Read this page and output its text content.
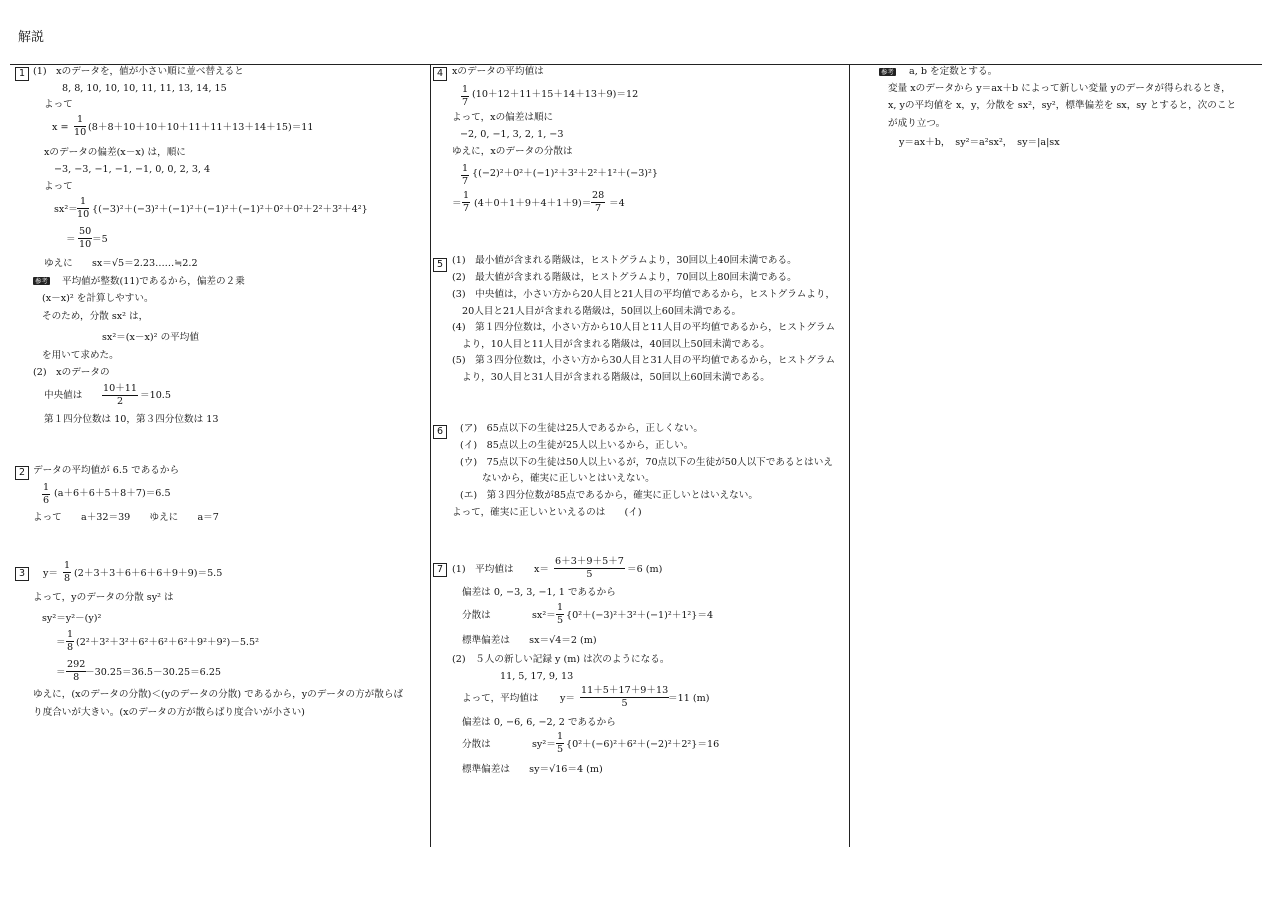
解説
1 (1)　xのデータを，値が小さい順に並べ替えると
8, 8, 10, 10, 10, 11, 11, 13, 14, 15
よって
$x = \frac{1}{10} (8+8+10+10+10+11+11+13+14+15)=11$
xのデータの偏差(x－x) は，順に
−3, −3, −1, −1, −1, 0, 0, 2, 3, 4
よって
$sx^2= \frac{1}{10} \{(-3)^2+(-3)^2+(-1)^2+(-1)^2+(-1)^2+0^2+0^2+2^2+3^2+4^2\}$
＝ $\frac{50}{10} =5$
ゆえに　　sx＝√5＝2.23……≒2.2
参考 平均値が整数(11)であるから，偏差の２乗
(x－x)² を計算しやすい。
そのため，分散 sx² は，
sx²＝(x－x)² の平均値
を用いて求めた。
(2)　xのデータの
中央値は $\frac{10+11}{2} =10.5$
第１四分位数は 10，第３四分位数は 13
2 データの平均値が 6.5 であるから
$\frac{1}{6} (a+6+6+5+8+7)=6.5$
よって　　a＋32＝39　　ゆえに　　a＝7
3	$y= \frac{1}{8} (2+3+3+6+6+6+9+9)=5.5$
よって，yのデータの分散 sy² は
sy²＝y²－(y)²
＝ $\frac{1}{8} (2^2+3^2+3^2+6^2+6^2+6^2+9^2+9^2)-5.5^2$
＝ $\frac{292}{8}$
－30.25＝36.5－30.25＝6.25
ゆえに，(xのデータの分散)＜(yのデータの分散) であるから，yのデータの方が散らば
り度合いが大きい。(xのデータの方が散らばり度合いが小さい)
4 xのデータの平均値は
$\frac{1}{7} (10+12+11+15+14+13+9)=12$
よって，xの偏差は順に
−2, 0, −1, 3, 2, 1, −3
ゆえに，xのデータの分散は
$\frac{1}{7} \{(-2)^2+0^2+(-1)^2+3^2+2^2+1^2+(-3)^2\}$
＝ $\frac{1}{7} (4+0+1+9+4+1+9)= \frac{28}{7} =4$
5 (1)　最小値が含まれる階級は，ヒストグラムより，30回以上40回未満である。
(2)　最大値が含まれる階級は，ヒストグラムより，70回以上80回未満である。
(3)　中央値は，小さい方から20人目と21人目の平均値であるから，ヒストグラムより，
20人目と21人目が含まれる階級は，50回以上60回未満である。
(4)　第１四分位数は，小さい方から10人目と11人目の平均値であるから，ヒストグラム
より，10人目と11人目が含まれる階級は，40回以上50回未満である。
(5)　第３四分位数は，小さい方から30人目と31人目の平均値であるから，ヒストグラム
より，30人目と31人目が含まれる階級は，50回以上60回未満である。
6	(ア)　65点以下の生徒は25人であるから，正しくない。
(イ)　85点以上の生徒が25人以上いるから，正しい。
(ウ)　75点以下の生徒は50人以上いるが，70点以下の生徒が50人以下であるとはいえ
ないから，確実に正しいとはいえない。
(エ)　第３四分位数が85点であるから，確実に正しいとはいえない。
よって，確実に正しいといえるのは　　(イ)
7 (1)　平均値は $x= \frac{6+3+9+5+7}{5} =6$ (m)
偏差は 0, −3, 3, −1, 1 であるから
分散は	$sx^2= \frac{1}{5} \{0^2+(-3)^2+3^2+(-1)^2+1^2\}=4$
標準偏差は　　sx＝√4＝2 (m)
(2)　５人の新しい記録 y (m) は次のようになる。
11, 5, 17, 9, 13
よって，平均値は $y= \frac{11+5+17+9+13}{5}$
＝11 (m)
偏差は 0, −6, 6, −2, 2 であるから
分散は	$sy^2= \frac{1}{5} \{0^2+(-6)^2+6^2+(-2)^2+2^2\}=16$
標準偏差は　　sy＝√16＝4 (m)
参考 a, b を定数とする。
変量 xのデータから y＝ax＋b によって新しい変量 yのデータが得られるとき，
x, yの平均値を x，y，分散を sx²，sy²，標準偏差を sx，sy とすると，次のこと
が成り立つ。
y＝ax＋b，　sy²＝a²sx²，　sy＝|a|sx
